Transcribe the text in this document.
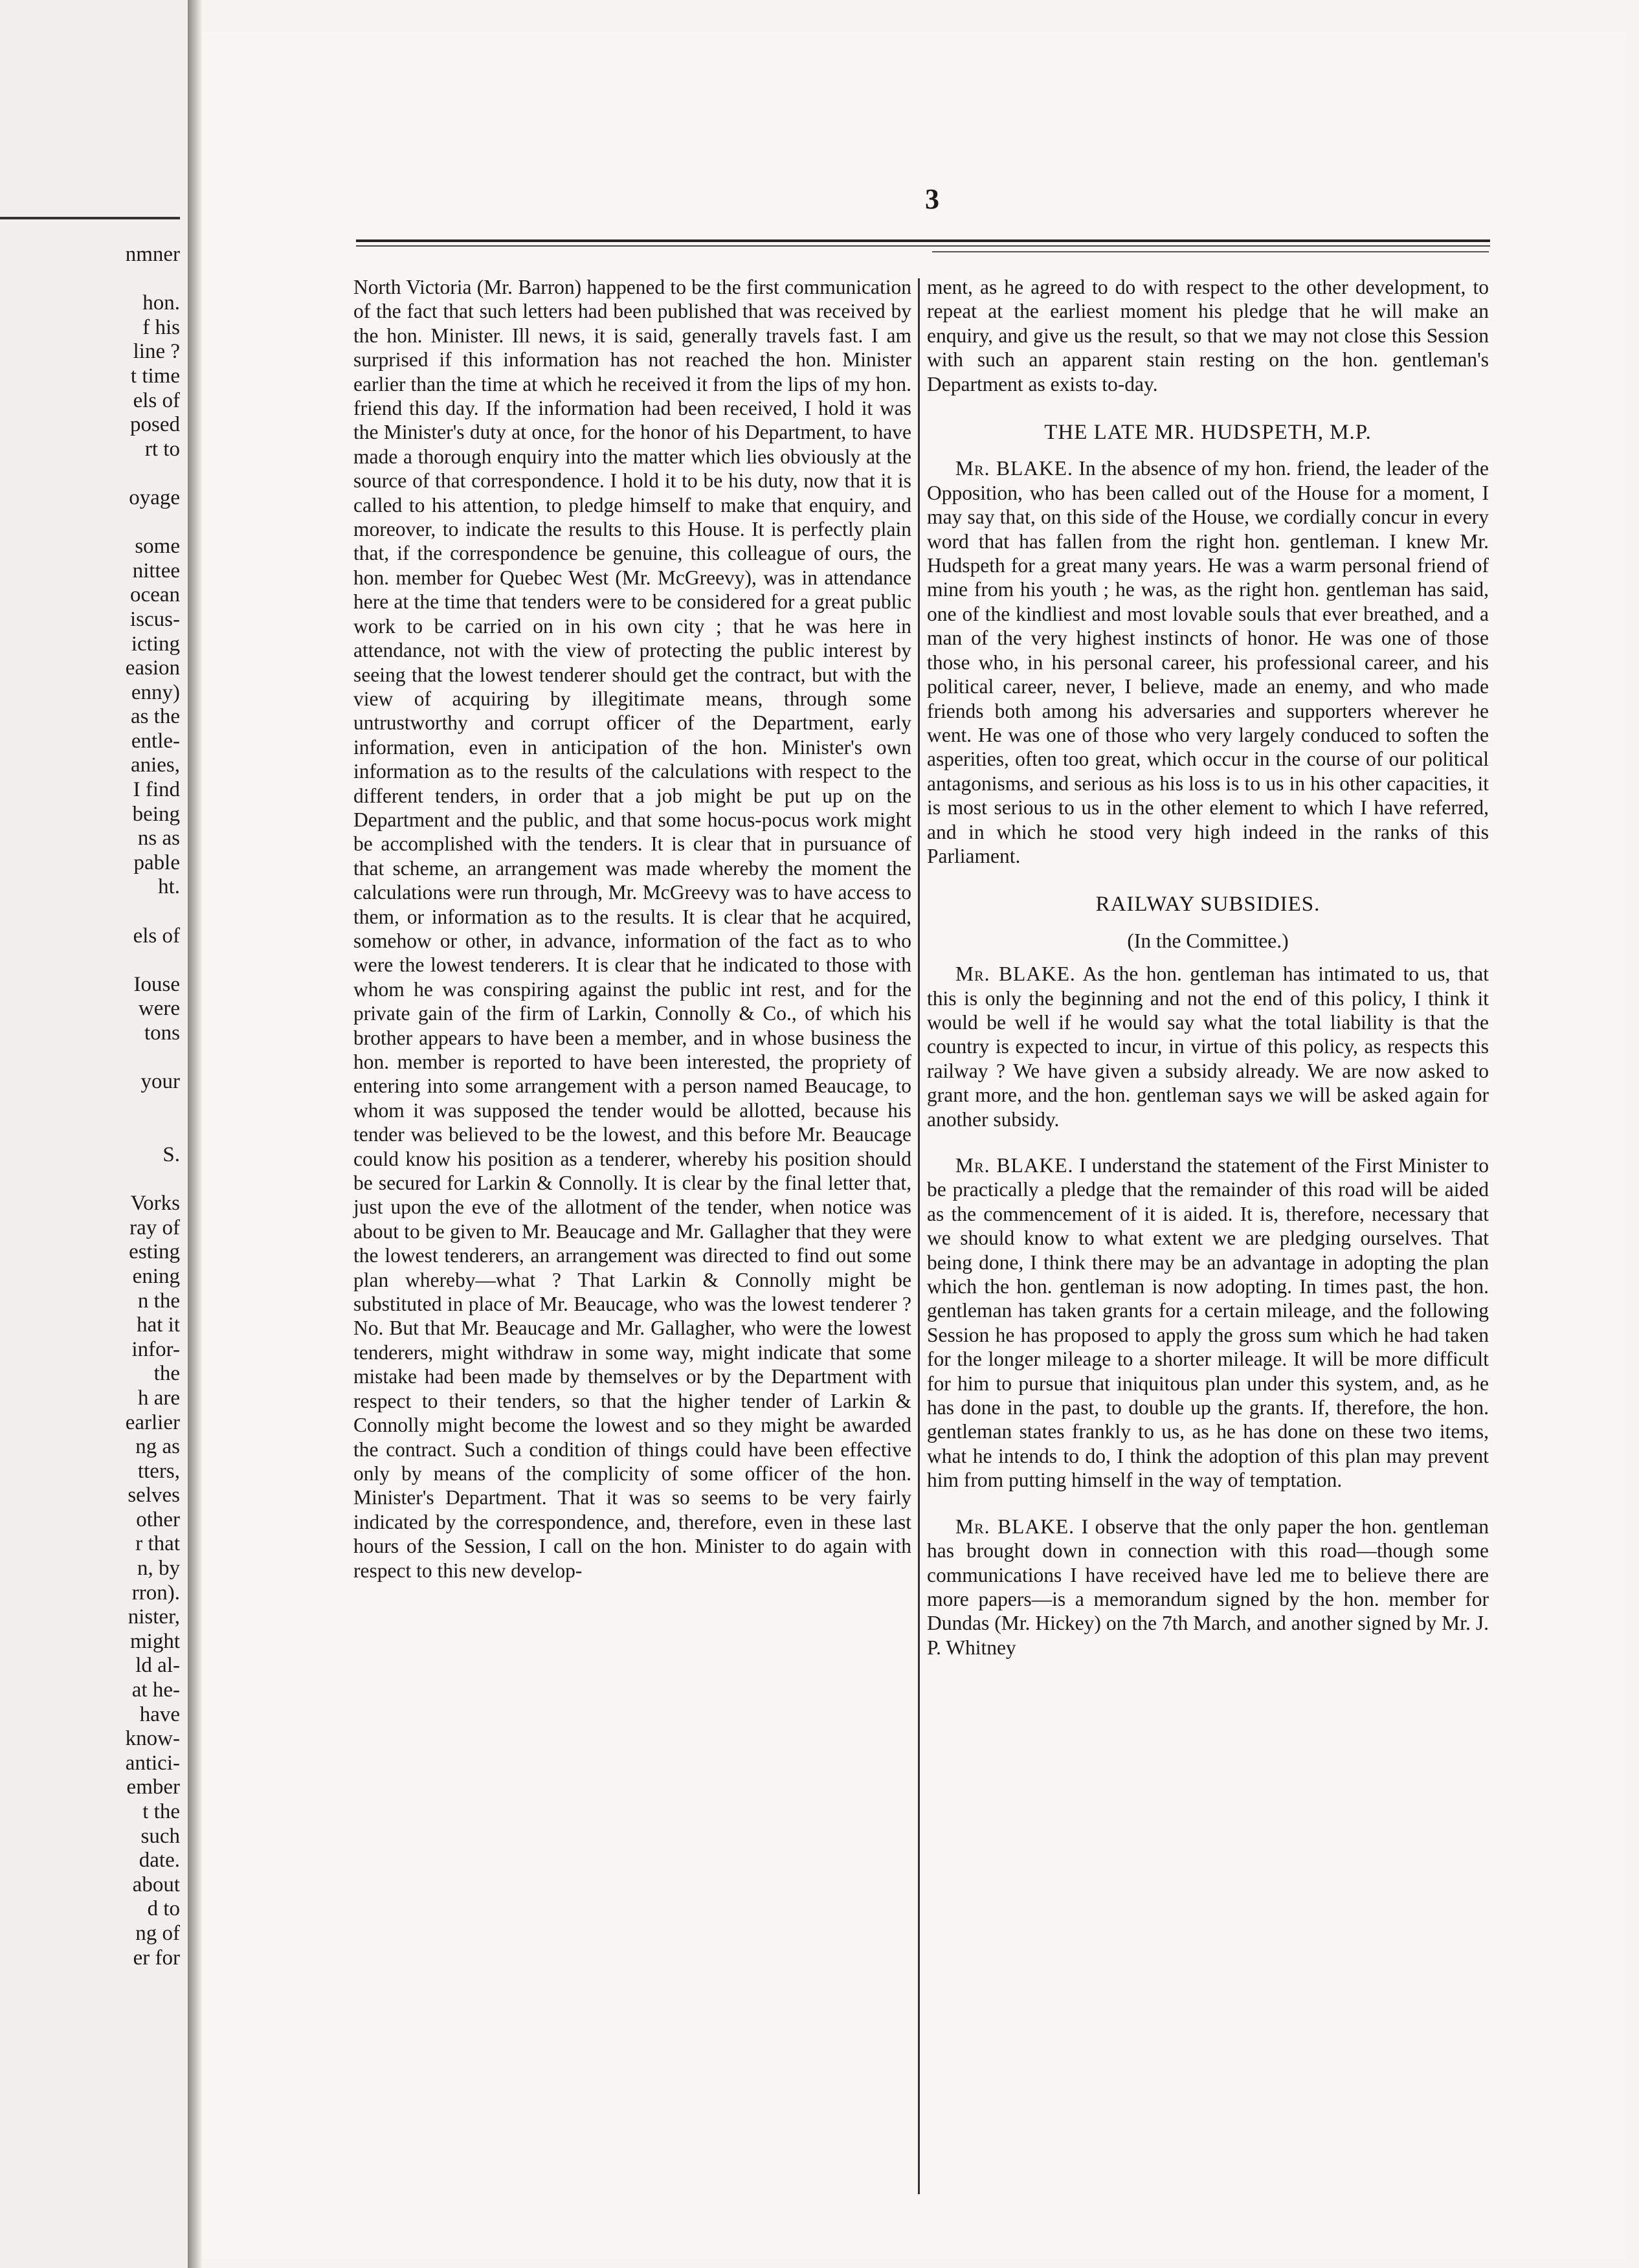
nmner
hon.
f his
line ?
t time
els of
posed
rt to
oyage
some
nittee
ocean
iscus-
icting
easion
enny)
as the
entle-
anies,
I find
being
ns as
pable
ht.
els of
Iouse
were
tons
your
S.
Vorks
ray of
esting
ening
n the
hat it
infor-
the
h are
earlier
ng as
tters,
selves
other
r that
n, by
rron).
nister,
might
ld al-
at he-
have
know-
antici-
ember
t the
such
date.
about
d to
ng of
er for
3

North Victoria (Mr. Barron) happened to be the first communication of the fact that such letters had been published that was received by the hon. Minister. Ill news, it is said, generally travels fast. I am surprised if this information has not reached the hon. Minister earlier than the time at which he received it from the lips of my hon. friend this day. If the information had been received, I hold it was the Minister's duty at once, for the honor of his Department, to have made a thorough enquiry into the matter which lies obviously at the source of that correspondence. I hold it to be his duty, now that it is called to his attention, to pledge himself to make that enquiry, and moreover, to indicate the results to this House. It is perfectly plain that, if the correspondence be genuine, this colleague of ours, the hon. member for Quebec West (Mr. McGreevy), was in attendance here at the time that tenders were to be considered for a great public work to be carried on in his own city ; that he was here in attendance, not with the view of protecting the public interest by seeing that the lowest tenderer should get the contract, but with the view of acquiring by illegitimate means, through some untrustworthy and corrupt officer of the Department, early information, even in anticipation of the hon. Minister's own information as to the results of the calculations with respect to the different tenders, in order that a job might be put up on the Department and the public, and that some hocus-pocus work might be accomplished with the tenders. It is clear that in pursuance of that scheme, an arrangement was made whereby the moment the calculations were run through, Mr. McGreevy was to have access to them, or information as to the results. It is clear that he acquired, somehow or other, in advance, information of the fact as to who were the lowest tenderers. It is clear that he indicated to those with whom he was conspiring against the public int rest, and for the private gain of the firm of Larkin, Connolly & Co., of which his brother appears to have been a member, and in whose business the hon. member is reported to have been interested, the propriety of entering into some arrangement with a person named Beaucage, to whom it was supposed the tender would be allotted, because his tender was believed to be the lowest, and this before Mr. Beaucage could know his position as a tenderer, whereby his position should be secured for Larkin & Connolly. It is clear by the final letter that, just upon the eve of the allotment of the tender, when notice was about to be given to Mr. Beaucage and Mr. Gallagher that they were the lowest tenderers, an arrangement was directed to find out some plan whereby—what ? That Larkin & Connolly might be substituted in place of Mr. Beaucage, who was the lowest tenderer ? No. But that Mr. Beaucage and Mr. Gallagher, who were the lowest tenderers, might withdraw in some way, might indicate that some mistake had been made by themselves or by the Department with respect to their tenders, so that the higher tender of Larkin & Connolly might become the lowest and so they might be awarded the contract. Such a condition of things could have been effective only by means of the complicity of some officer of the hon. Minister's Department. That it was so seems to be very fairly indicated by the correspondence, and, therefore, even in these last hours of the Session, I call on the hon. Minister to do again with respect to this new develop-

ment, as he agreed to do with respect to the other development, to repeat at the earliest moment his pledge that he will make an enquiry, and give us the result, so that we may not close this Session with such an apparent stain resting on the hon. gentleman's Department as exists to-day.

THE LATE MR. HUDSPETH, M.P.

Mr. BLAKE. In the absence of my hon. friend, the leader of the Opposition, who has been called out of the House for a moment, I may say that, on this side of the House, we cordially concur in every word that has fallen from the right hon. gentleman. I knew Mr. Hudspeth for a great many years. He was a warm personal friend of mine from his youth ; he was, as the right hon. gentleman has said, one of the kindliest and most lovable souls that ever breathed, and a man of the very highest instincts of honor. He was one of those those who, in his personal career, his professional career, and his political career, never, I believe, made an enemy, and who made friends both among his adversaries and supporters wherever he went. He was one of those who very largely conduced to soften the asperities, often too great, which occur in the course of our political antagonisms, and serious as his loss is to us in his other capacities, it is most serious to us in the other element to which I have referred, and in which he stood very high indeed in the ranks of this Parliament.

RAILWAY SUBSIDIES.
(In the Committee.)

Mr. BLAKE. As the hon. gentleman has intimated to us, that this is only the beginning and not the end of this policy, I think it would be well if he would say what the total liability is that the country is expected to incur, in virtue of this policy, as respects this railway ? We have given a subsidy already. We are now asked to grant more, and the hon. gentleman says we will be asked again for another subsidy.

Mr. BLAKE. I understand the statement of the First Minister to be practically a pledge that the remainder of this road will be aided as the commencement of it is aided. It is, therefore, necessary that we should know to what extent we are pledging ourselves. That being done, I think there may be an advantage in adopting the plan which the hon. gentleman is now adopting. In times past, the hon. gentleman has taken grants for a certain mileage, and the following Session he has proposed to apply the gross sum which he had taken for the longer mileage to a shorter mileage. It will be more difficult for him to pursue that iniquitous plan under this system, and, as he has done in the past, to double up the grants. If, therefore, the hon. gentleman states frankly to us, as he has done on these two items, what he intends to do, I think the adoption of this plan may prevent him from putting himself in the way of temptation.

Mr. BLAKE. I observe that the only paper the hon. gentleman has brought down in connection with this road—though some communications I have received have led me to believe there are more papers—is a memorandum signed by the hon. member for Dundas (Mr. Hickey) on the 7th March, and another signed by Mr. J. P. Whitney
